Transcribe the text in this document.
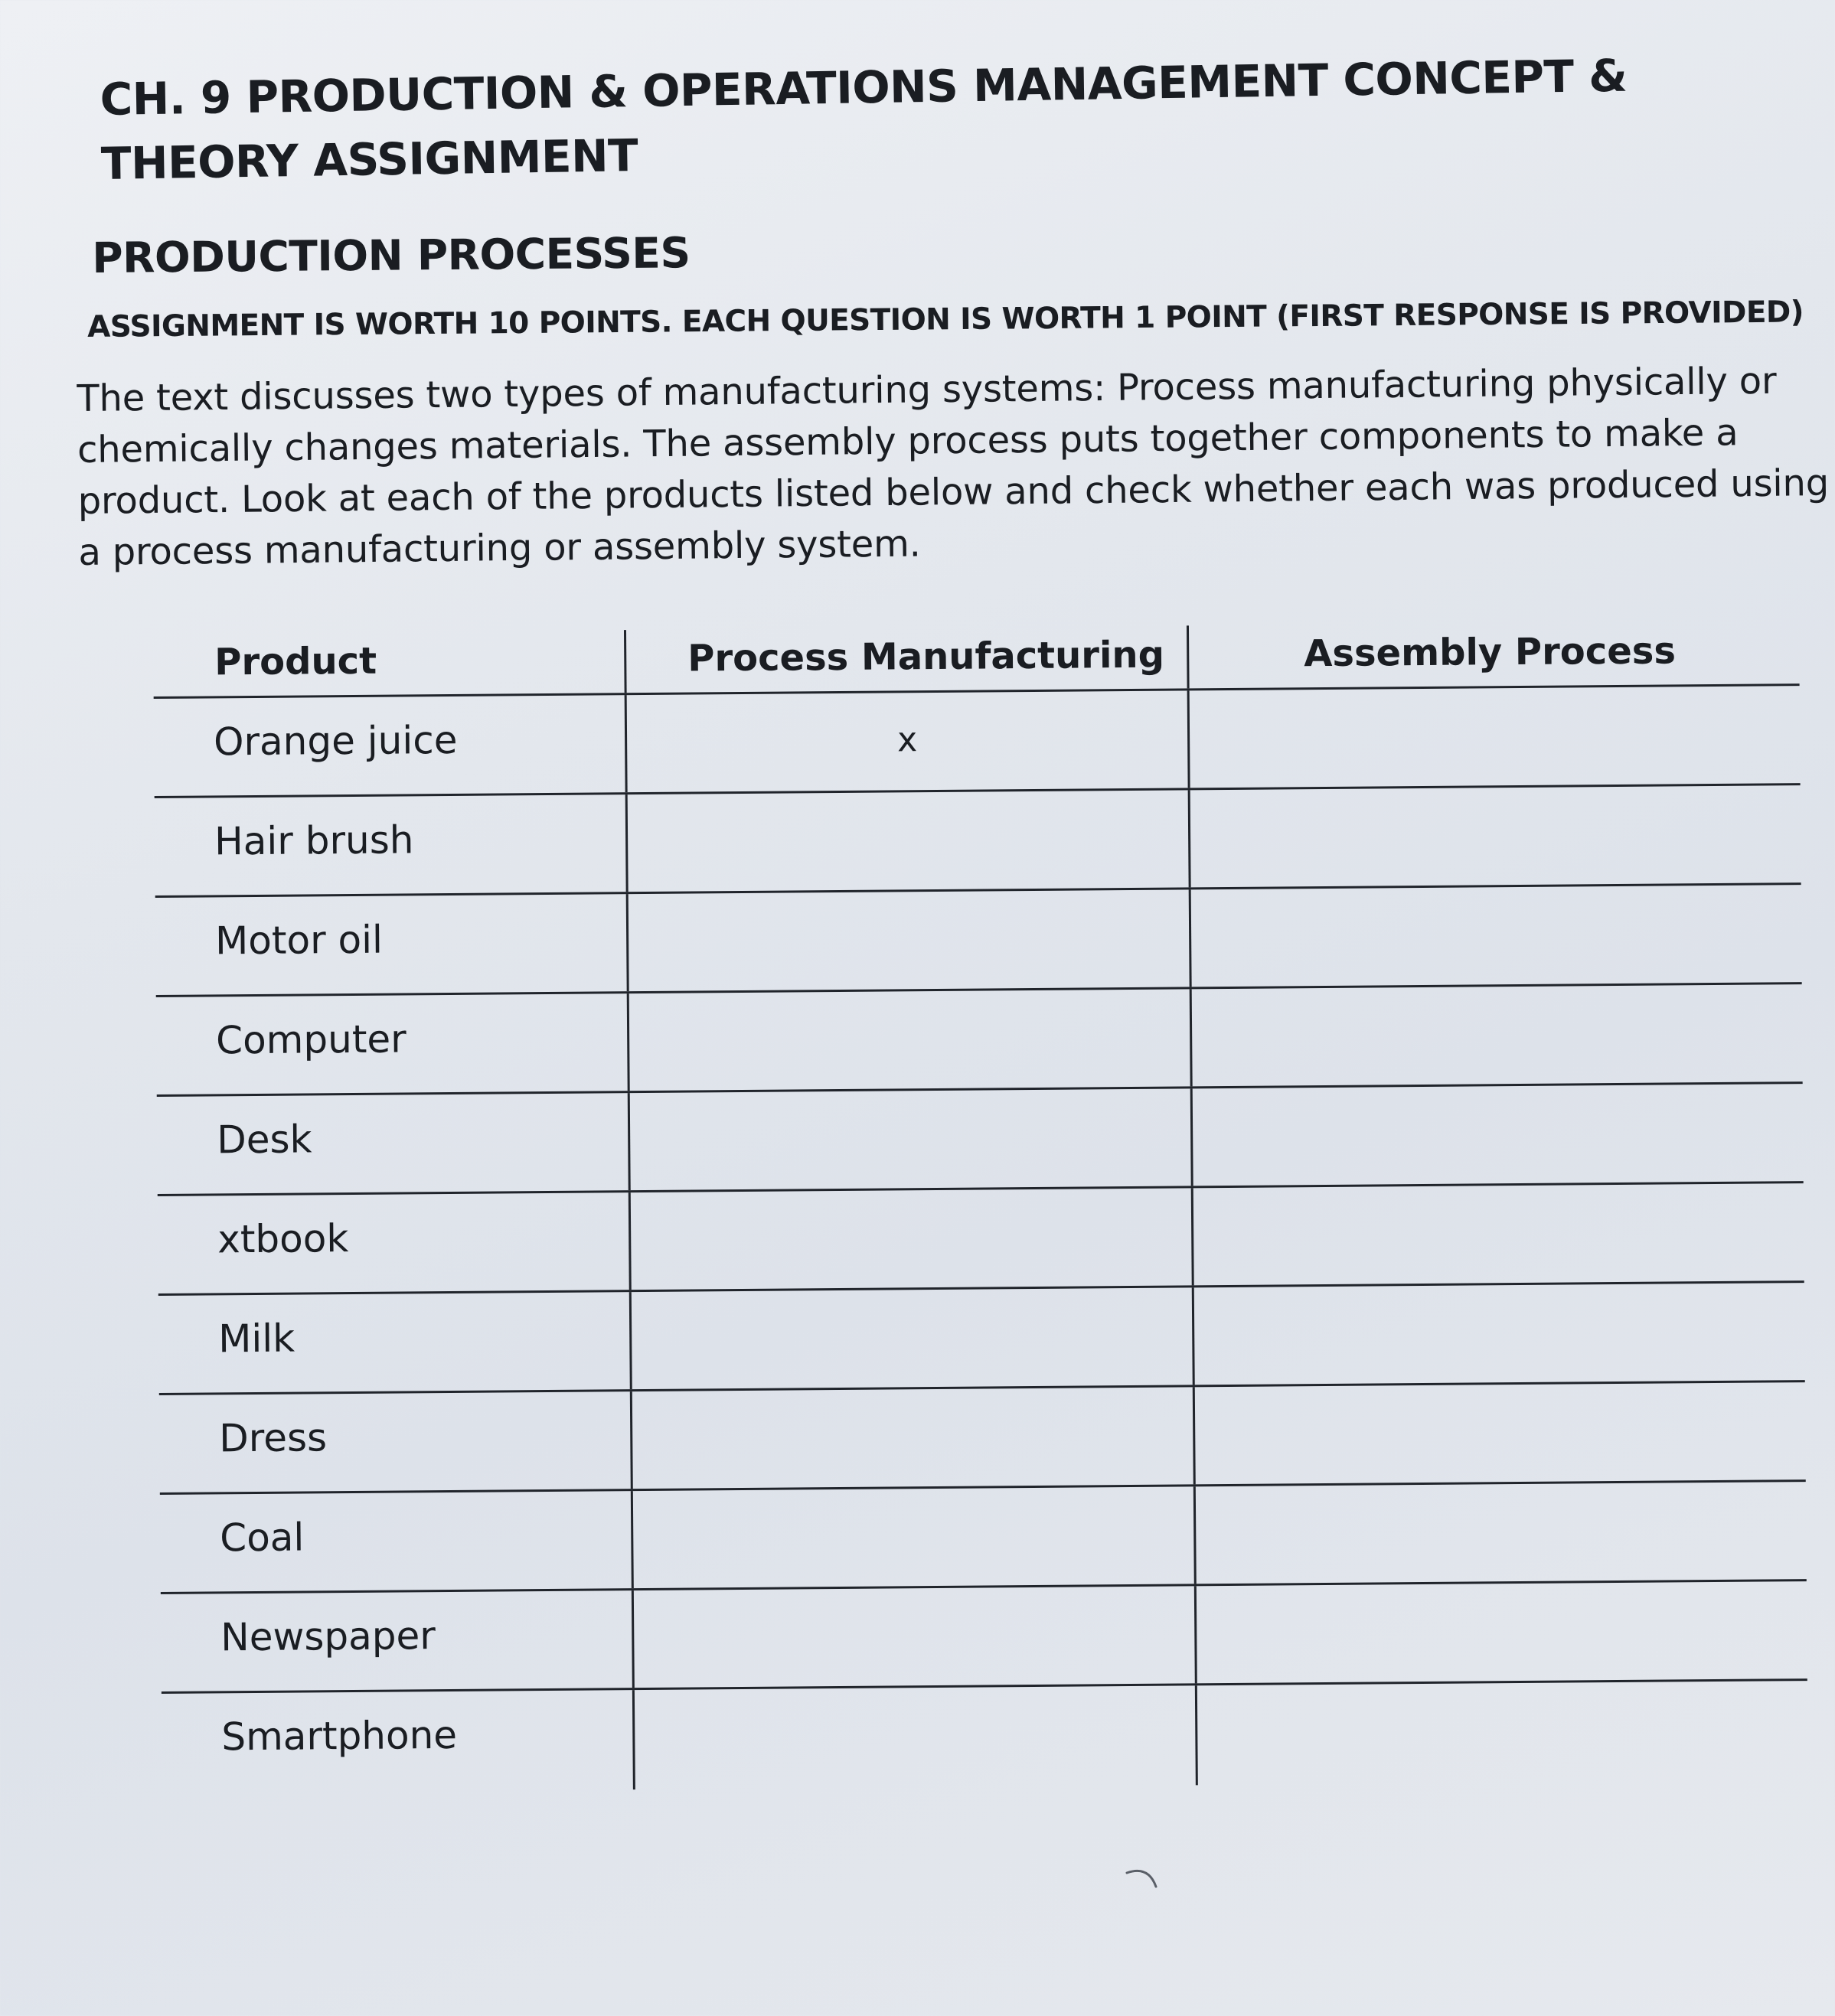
CH. 9 PRODUCTION & OPERATIONS MANAGEMENT CONCEPT & THEORY ASSIGNMENT
PRODUCTION PROCESSES
ASSIGNMENT IS WORTH 10 POINTS. EACH QUESTION IS WORTH 1 POINT (FIRST RESPONSE IS PROVIDED)
The text discusses two types of manufacturing systems: Process manufacturing physically or
chemically changes materials. The assembly process puts together components to make a
product. Look at each of the products listed below and check whether each was produced using
a process manufacturing or assembly system.
Product	Process Manufacturing	Assembly Process
Orange juice	x
Hair brush
Motor oil
Computer
Desk
xtbook
Milk
Dress
Coal
Newspaper
Smartphone
